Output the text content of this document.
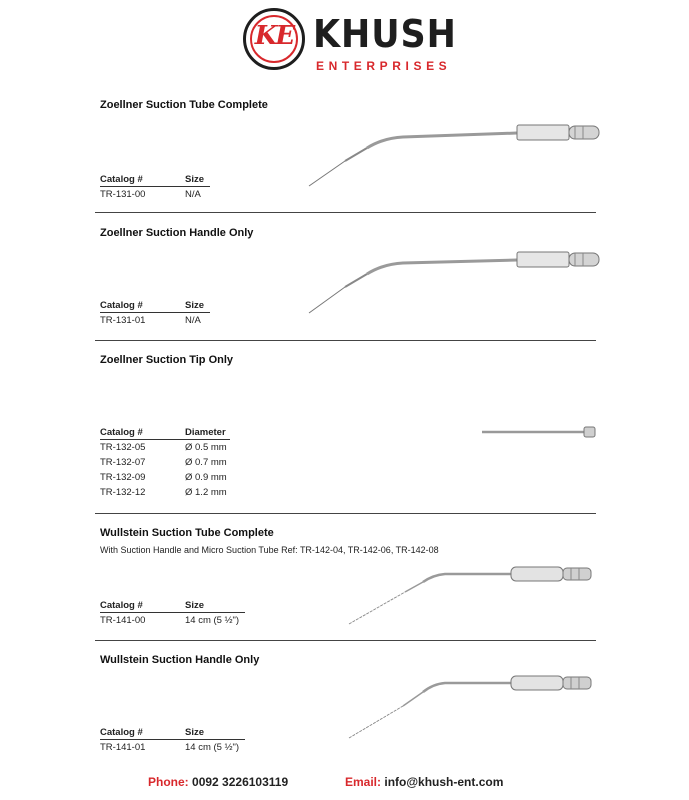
KE KHUSH
ENTERPRISES
Zoellner Suction Tube Complete
Catalog #	Size
TR-131-00	N/A
Zoellner Suction Handle Only
Catalog #	Size
TR-131-01	N/A
Zoellner Suction Tip Only
Catalog #	Diameter
TR-132-05	Ø 0.5 mm
TR-132-07	Ø 0.7 mm
TR-132-09	Ø 0.9 mm
TR-132-12	Ø 1.2 mm
Wullstein Suction Tube Complete
With Suction Handle and Micro Suction Tube Ref: TR-142-04, TR-142-06, TR-142-08
Catalog #	Size
TR-141-00	14 cm (5 ½")
Wullstein Suction Handle Only
Catalog #	Size
TR-141-01	14 cm (5 ½")
Phone: 0092 3226103119	Email: info@khush-ent.com
